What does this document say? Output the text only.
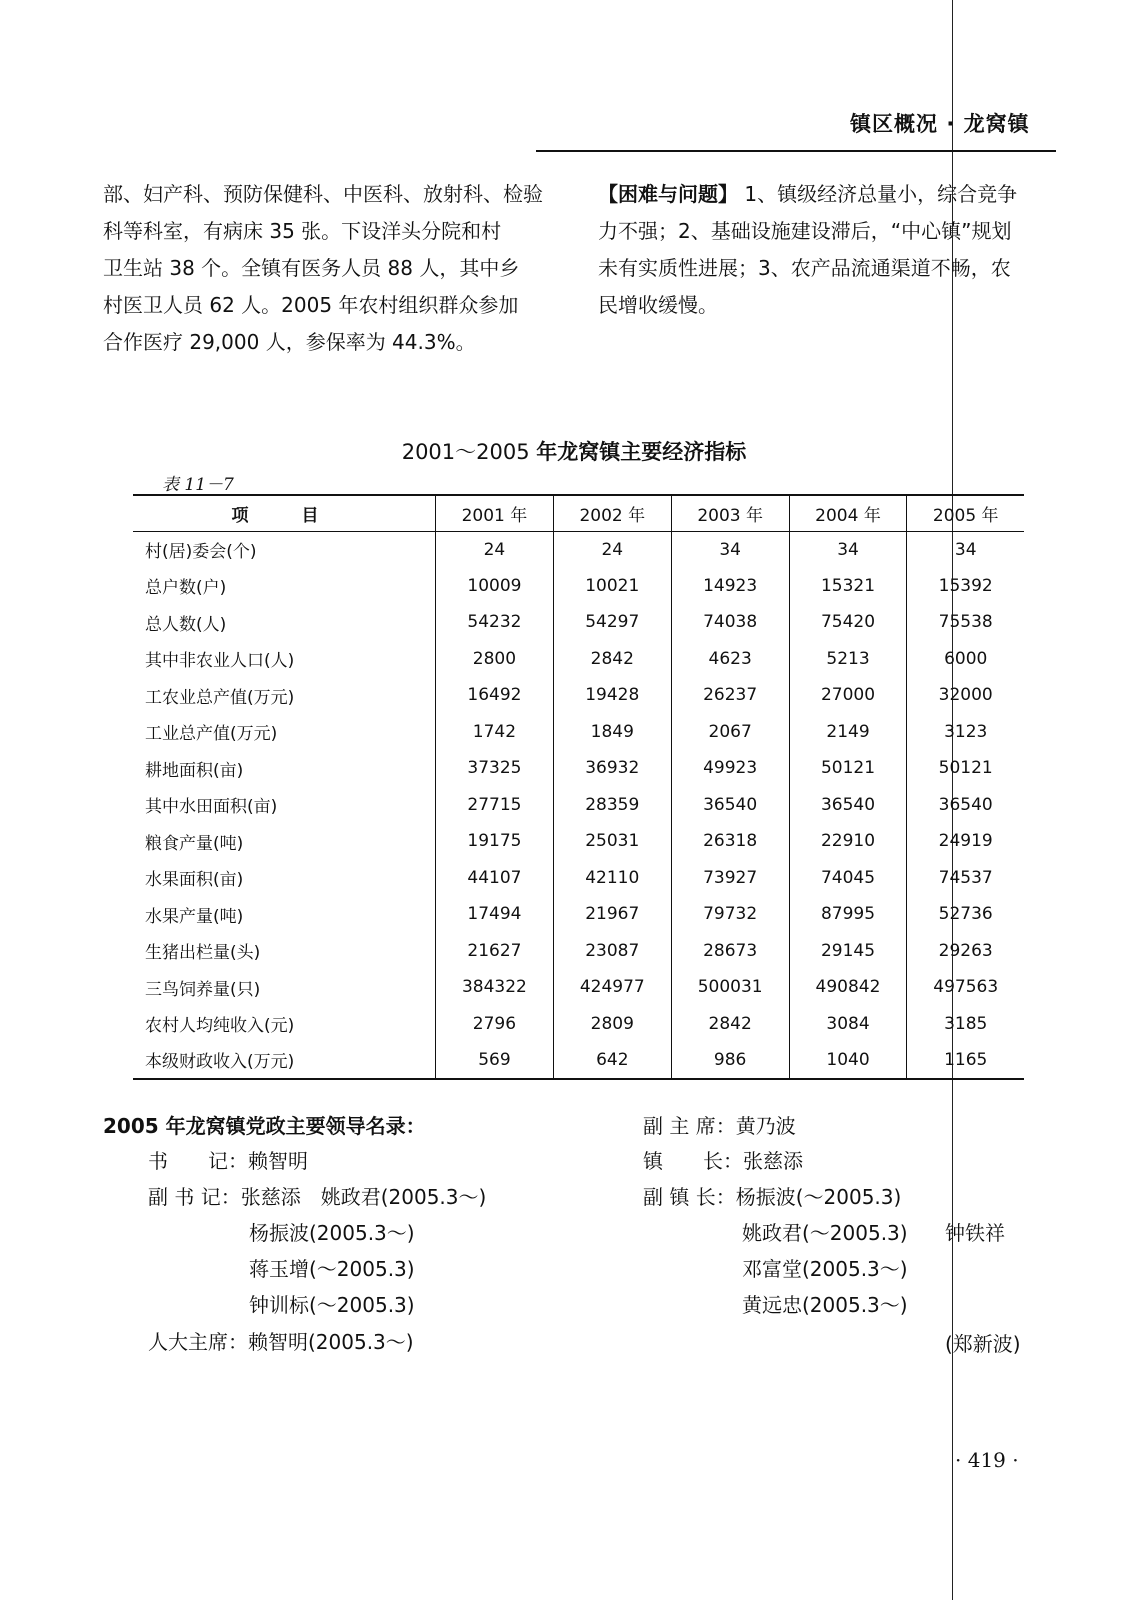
镇区概况 · 龙窝镇
部、妇产科、预防保健科、中医科、放射科、检验
科等科室，有病床 35 张。下设洋头分院和村
卫生站 38 个。全镇有医务人员 88 人，其中乡
村医卫人员 62 人。2005 年农村组织群众参加
合作医疗 29,000 人，参保率为 44.3%。
【困难与问题】 1、镇级经济总量小，综合竞争
力不强；2、基础设施建设滞后，“中心镇”规划
未有实质性进展；3、农产品流通渠道不畅，农
民增收缓慢。
2001～2005 年龙窝镇主要经济指标
表 11－7
项　目	2001 年	2002 年	2003 年	2004 年	2005 年
村(居)委会(个)	24	24	34	34	34
总户数(户)	10009	10021	14923	15321	15392
总人数(人)	54232	54297	74038	75420	75538
其中非农业人口(人)	2800	2842	4623	5213	6000
工农业总产值(万元)	16492	19428	26237	27000	32000
工业总产值(万元)	1742	1849	2067	2149	3123
耕地面积(亩)	37325	36932	49923	50121	50121
其中水田面积(亩)	27715	28359	36540	36540	36540
粮食产量(吨)	19175	25031	26318	22910	24919
水果面积(亩)	44107	42110	73927	74045	74537
水果产量(吨)	17494	21967	79732	87995	52736
生猪出栏量(头)	21627	23087	28673	29145	29263
三鸟饲养量(只)	384322	424977	500031	490842	497563
农村人均纯收入(元)	2796	2809	2842	3084	3185
本级财政收入(万元)	569	642	986	1040	1165
2005 年龙窝镇党政主要领导名录：
书　　记：赖智明
副 书 记：张慈添　姚政君(2005.3～)
杨振波(2005.3～)
蒋玉增(～2005.3)
钟训标(～2005.3)
人大主席：赖智明(2005.3～)
副 主 席：黄乃波
镇　　长：张慈添
副 镇 长：杨振波(～2005.3)
姚政君(～2005.3) 钟铁祥
邓富堂(2005.3～)
黄远忠(2005.3～)
(郑新波)
· 419 ·
